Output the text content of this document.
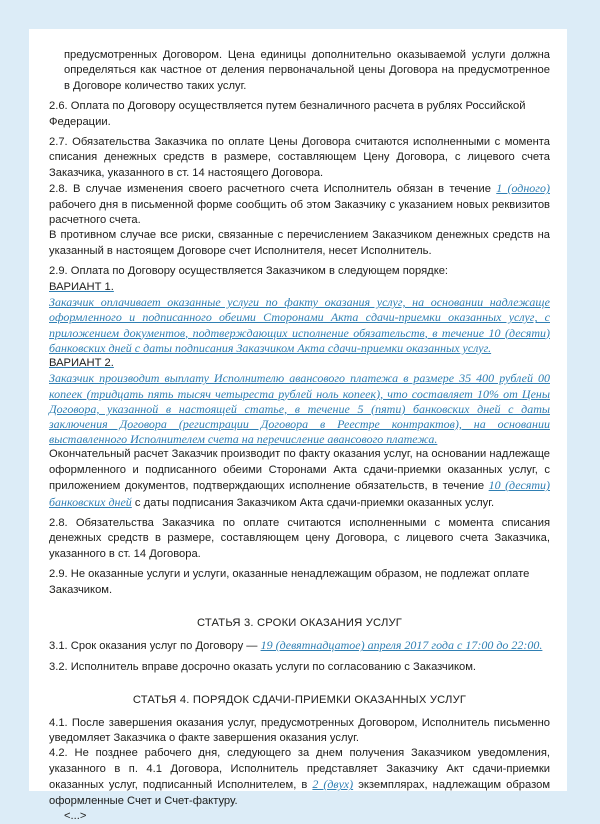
предусмотренных Договором. Цена единицы дополнительно оказываемой услуги должна определяться как частное от деления первоначальной цены Договора на предусмотренное в Договоре количество таких услуг.

2.6. Оплата по Договору осуществляется путем безналичного расчета в рублях Российской Федерации.

2.7. Обязательства Заказчика по оплате Цены Договора считаются исполненными с момента списания денежных средств в размере, составляющем Цену Договора, с лицевого счета Заказчика, указанного в ст. 14 настоящего Договора.

2.8. В случае изменения своего расчетного счета Исполнитель обязан в течение 1 (одного) рабочего дня в письменной форме сообщить об этом Заказчику с указанием новых реквизитов расчетного счета.

В противном случае все риски, связанные с перечислением Заказчиком денежных средств на указанный в настоящем Договоре счет Исполнителя, несет Исполнитель.

2.9. Оплата по Договору осуществляется Заказчиком в следующем порядке:

ВАРИАНТ 1.

Заказчик оплачивает оказанные услуги по факту оказания услуг, на основании надлежаще оформленного и подписанного обеими Сторонами Акта сдачи-приемки оказанных услуг, с приложением документов, подтверждающих исполнение обязательств, в течение 10 (десяти) банковских дней с даты подписания Заказчиком Акта сдачи-приемки оказанных услуг.

ВАРИАНТ 2.

Заказчик производит выплату Исполнителю авансового платежа в размере 35 400 рублей 00 копеек (тридцать пять тысяч четыреста рублей ноль копеек), что составляет 10% от Цены Договора, указанной в настоящей статье, в течение 5 (пяти) банковских дней с даты заключения Договора (регистрации Договора в Реестре контрактов), на основании выставленного Исполнителем счета на перечисление авансового платежа.

Окончательный расчет Заказчик производит по факту оказания услуг, на основании надлежаще оформленного и подписанного обеими Сторонами Акта сдачи-приемки оказанных услуг, с приложением документов, подтверждающих исполнение обязательств, в течение 10 (десяти) банковских дней с даты подписания Заказчиком Акта сдачи-приемки оказанных услуг.

2.8. Обязательства Заказчика по оплате считаются исполненными с момента списания денежных средств в размере, составляющем цену Договора, с лицевого счета Заказчика, указанного в ст. 14 Договора.

2.9. Не оказанные услуги и услуги, оказанные ненадлежащим образом, не подлежат оплате Заказчиком.

СТАТЬЯ 3. СРОКИ ОКАЗАНИЯ УСЛУГ

3.1. Срок оказания услуг по Договору — 19 (девятнадцатое) апреля 2017 года с 17:00 до 22:00.

3.2. Исполнитель вправе досрочно оказать услуги по согласованию с Заказчиком.

СТАТЬЯ 4. ПОРЯДОК СДАЧИ-ПРИЕМКИ ОКАЗАННЫХ УСЛУГ

4.1. После завершения оказания услуг, предусмотренных Договором, Исполнитель письменно уведомляет Заказчика о факте завершения оказания услуг.

4.2. Не позднее рабочего дня, следующего за днем получения Заказчиком уведомления, указанного в п. 4.1 Договора, Исполнитель представляет Заказчику Акт сдачи-приемки оказанных услуг, подписанный Исполнителем, в 2 (двух) экземплярах, надлежащим образом оформленные Счет и Счет-фактуру.

<...>
